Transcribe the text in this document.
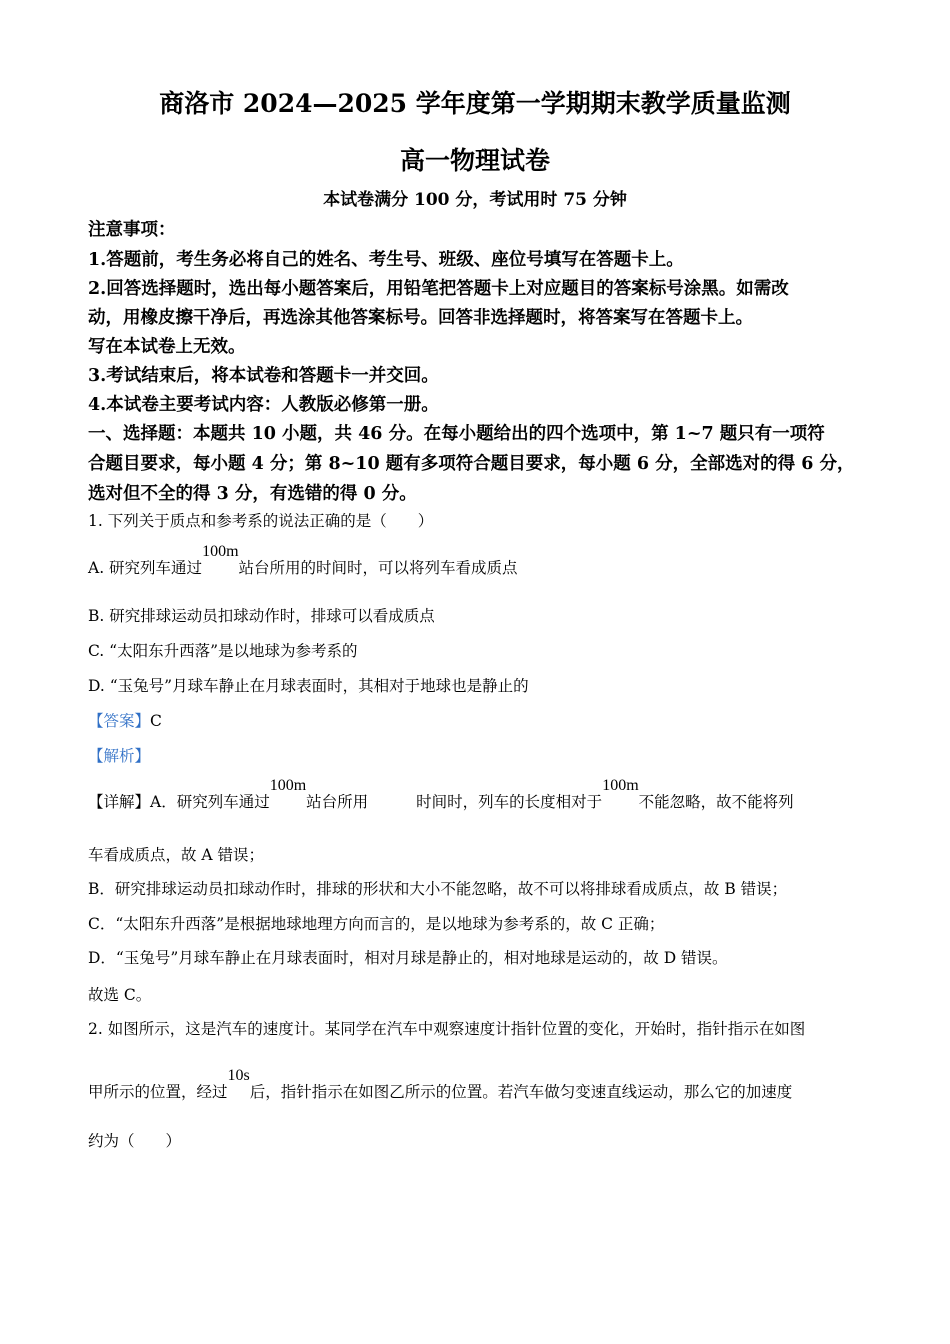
商洛市 2024—2025 学年度第一学期期末教学质量监测
高一物理试卷
本试卷满分 100 分，考试用时 75 分钟
注意事项：
1.答题前，考生务必将自己的姓名、考生号、班级、座位号填写在答题卡上。
2.回答选择题时，选出每小题答案后，用铅笔把答题卡上对应题目的答案标号涂黑。如需改
动，用橡皮擦干净后，再选涂其他答案标号。回答非选择题时，将答案写在答题卡上。
写在本试卷上无效。
3.考试结束后，将本试卷和答题卡一并交回。
4.本试卷主要考试内容：人教版必修第一册。
一、选择题：本题共 10 小题，共 46 分。在每小题给出的四个选项中，第 1~7 题只有一项符
合题目要求，每小题 4 分；第 8~10 题有多项符合题目要求，每小题 6 分，全部选对的得 6 分，
选对但不全的得 3 分，有选错的得 0 分。
1. 下列关于质点和参考系的说法正确的是（　　）
A. 研究列车通过100m站台所用的时间时，可以将列车看成质点
B. 研究排球运动员扣球动作时，排球可以看成质点
C. “太阳东升西落”是以地球为参考系的
D. “玉兔号”月球车静止在月球表面时，其相对于地球也是静止的
【答案】C
【解析】
【详解】A．研究列车通过100m站台所用	时间时，列车的长度相对于100m不能忽略，故不能将列
车看成质点，故 A 错误；
B．研究排球运动员扣球动作时，排球的形状和大小不能忽略，故不可以将排球看成质点，故 B 错误；
C．“太阳东升西落”是根据地球地理方向而言的，是以地球为参考系的，故 C 正确；
D．“玉兔号”月球车静止在月球表面时，相对月球是静止的，相对地球是运动的，故 D 错误。
故选 C。
2. 如图所示，这是汽车的速度计。某同学在汽车中观察速度计指针位置的变化，开始时，指针指示在如图
甲所示的位置，经过10s后，指针指示在如图乙所示的位置。若汽车做匀变速直线运动，那么它的加速度
约为（　　）
